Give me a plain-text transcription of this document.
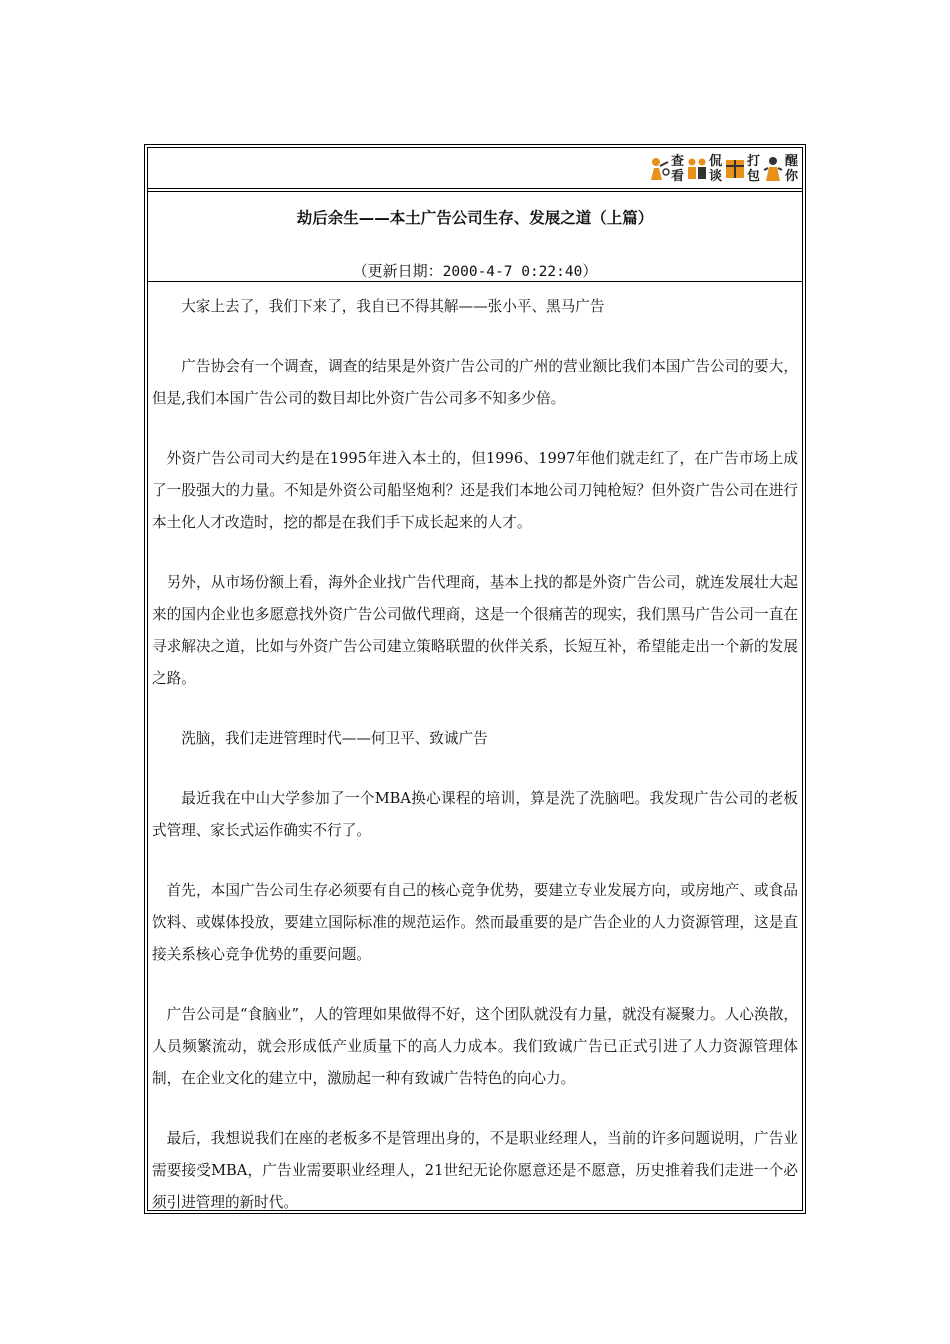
查
看
侃
谈
打
包
醒
你
劫后余生——本土广告公司生存、发展之道（上篇）
（更新日期：2000-4-7 0:22:40）

大家上去了，我们下来了，我自已不得其解——张小平、黑马广告

广告协会有一个调查，调查的结果是外资广告公司的广州的营业额比我们本国广告公司的要大，但是,我们本国广告公司的数目却比外资广告公司多不知多少倍。

外资广告公司司大约是在1995年进入本土的，但1996、1997年他们就走红了，在广告市场上成了一股强大的力量。不知是外资公司船坚炮利？还是我们本地公司刀钝枪短？但外资广告公司在进行本土化人才改造时，挖的都是在我们手下成长起来的人才。

另外，从市场份额上看，海外企业找广告代理商，基本上找的都是外资广告公司，就连发展壮大起来的国内企业也多愿意找外资广告公司做代理商，这是一个很痛苦的现实，我们黑马广告公司一直在寻求解决之道，比如与外资广告公司建立策略联盟的伙伴关系，长短互补，希望能走出一个新的发展之路。

洗脑，我们走进管理时代——何卫平、致诚广告

最近我在中山大学参加了一个MBA换心课程的培训，算是洗了洗脑吧。我发现广告公司的老板式管理、家长式运作确实不行了。

首先，本国广告公司生存必须要有自己的核心竞争优势，要建立专业发展方向，或房地产、或食品饮料、或媒体投放，要建立国际标准的规范运作。然而最重要的是广告企业的人力资源管理，这是直接关系核心竞争优势的重要问题。

广告公司是“食脑业”，人的管理如果做得不好，这个团队就没有力量，就没有凝聚力。人心涣散，人员频繁流动，就会形成低产业质量下的高人力成本。我们致诚广告已正式引进了人力资源管理体制，在企业文化的建立中，激励起一种有致诚广告特色的向心力。

最后，我想说我们在座的老板多不是管理出身的，不是职业经理人，当前的许多问题说明，广告业需要接受MBA，广告业需要职业经理人，21世纪无论你愿意还是不愿意，历史推着我们走进一个必须引进管理的新时代。
